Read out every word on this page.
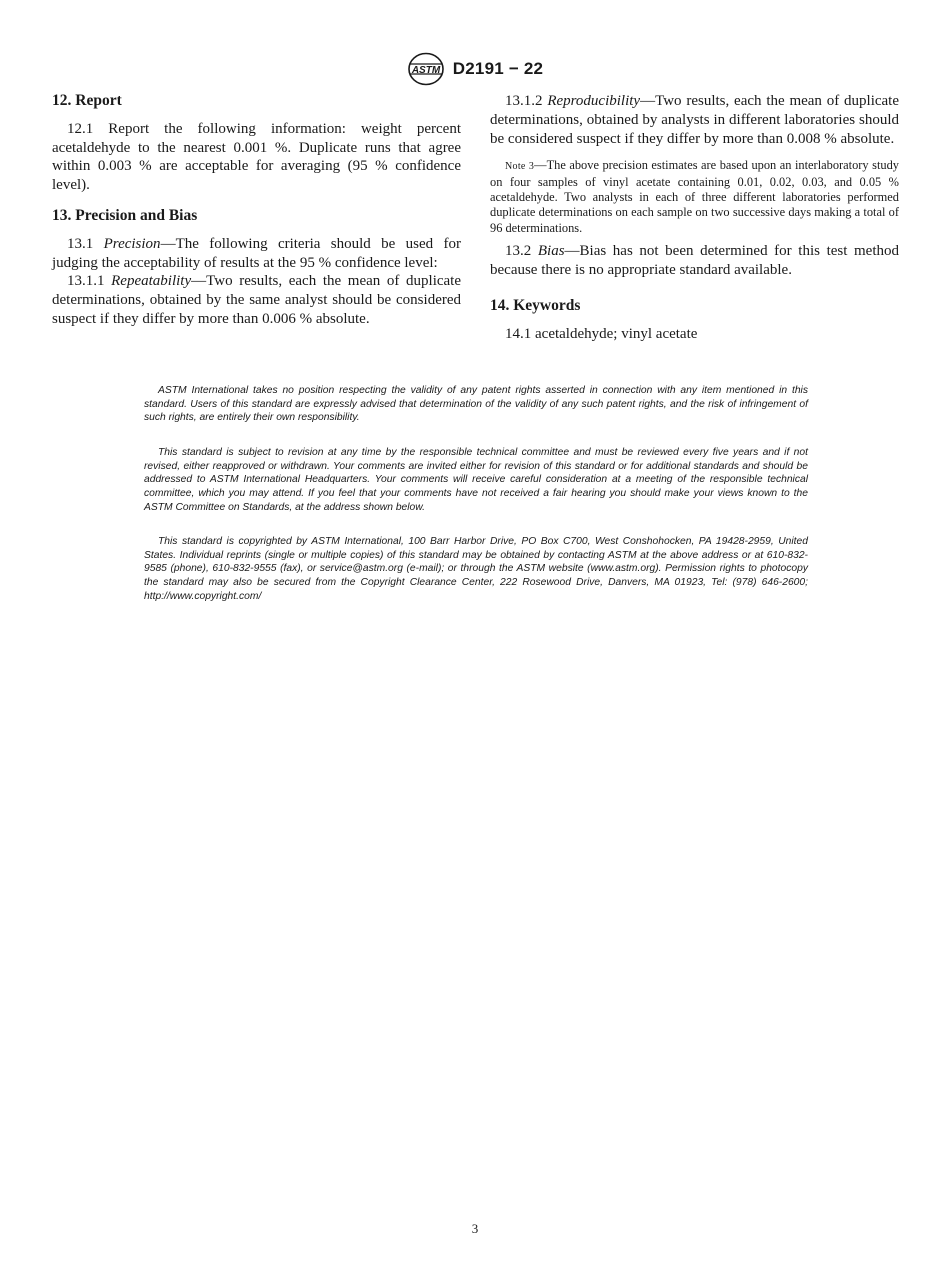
ASTM D2191 − 22
12. Report

12.1 Report the following information: weight percent acetaldehyde to the nearest 0.001 %. Duplicate runs that agree within 0.003 % are acceptable for averaging (95 % confidence level).

13. Precision and Bias

13.1 Precision—The following criteria should be used for judging the acceptability of results at the 95 % confidence level:

13.1.1 Repeatability—Two results, each the mean of duplicate determinations, obtained by the same analyst should be considered suspect if they differ by more than 0.006 % absolute.

13.1.2 Reproducibility—Two results, each the mean of duplicate determinations, obtained by analysts in different laboratories should be considered suspect if they differ by more than 0.008 % absolute.

Note 3—The above precision estimates are based upon an interlaboratory study on four samples of vinyl acetate containing 0.01, 0.02, 0.03, and 0.05 % acetaldehyde. Two analysts in each of three different laboratories performed duplicate determinations on each sample on two successive days making a total of 96 determinations.

13.2 Bias—Bias has not been determined for this test method because there is no appropriate standard available.

14. Keywords

14.1 acetaldehyde; vinyl acetate

ASTM International takes no position respecting the validity of any patent rights asserted in connection with any item mentioned in this standard. Users of this standard are expressly advised that determination of the validity of any such patent rights, and the risk of infringement of such rights, are entirely their own responsibility.

This standard is subject to revision at any time by the responsible technical committee and must be reviewed every five years and if not revised, either reapproved or withdrawn. Your comments are invited either for revision of this standard or for additional standards and should be addressed to ASTM International Headquarters. Your comments will receive careful consideration at a meeting of the responsible technical committee, which you may attend. If you feel that your comments have not received a fair hearing you should make your views known to the ASTM Committee on Standards, at the address shown below.

This standard is copyrighted by ASTM International, 100 Barr Harbor Drive, PO Box C700, West Conshohocken, PA 19428-2959, United States. Individual reprints (single or multiple copies) of this standard may be obtained by contacting ASTM at the above address or at 610-832-9585 (phone), 610-832-9555 (fax), or service@astm.org (e-mail); or through the ASTM website (www.astm.org). Permission rights to photocopy the standard may also be secured from the Copyright Clearance Center, 222 Rosewood Drive, Danvers, MA 01923, Tel: (978) 646-2600; http://www.copyright.com/

3
